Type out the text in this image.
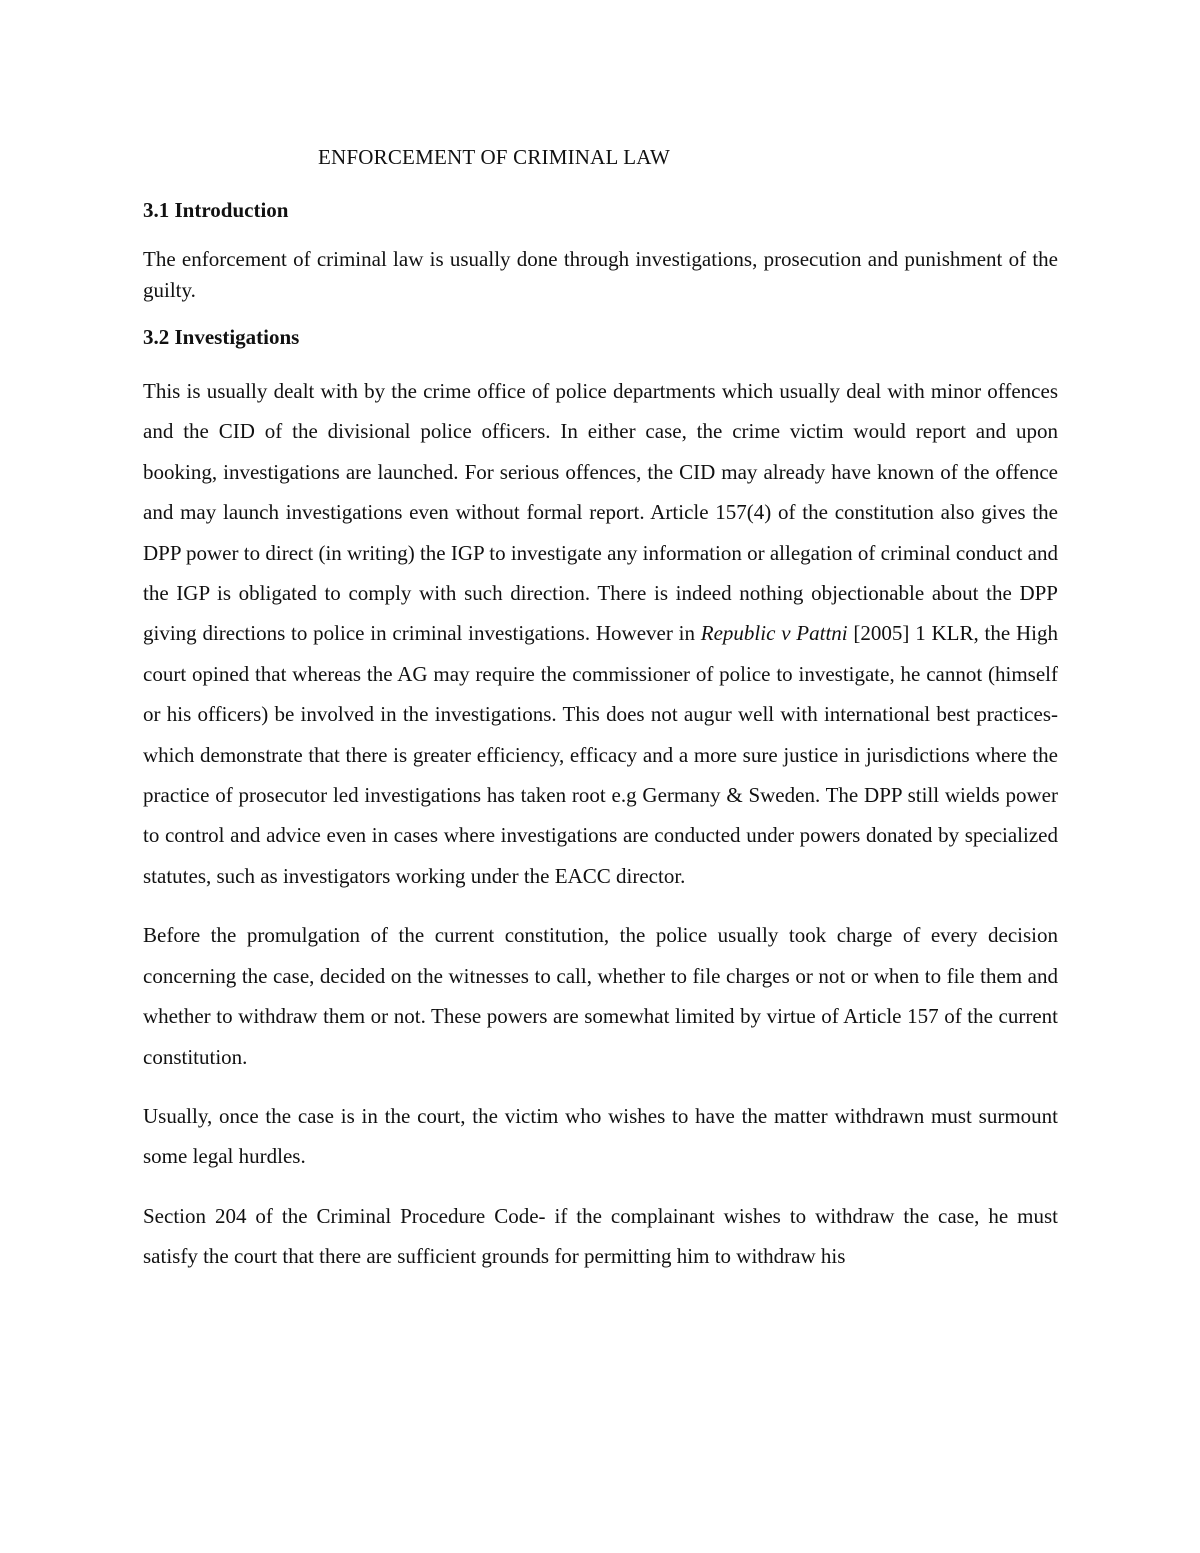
ENFORCEMENT OF CRIMINAL LAW
3.1 Introduction

The enforcement of criminal law is usually done through investigations, prosecution and punishment of the guilty.

3.2 Investigations

This is usually dealt with by the crime office of police departments which usually deal with minor offences and the CID of the divisional police officers. In either case, the crime victim would report and upon booking, investigations are launched. For serious offences, the CID may already have known of the offence and may launch investigations even without formal report. Article 157(4) of the constitution also gives the DPP power to direct (in writing) the IGP to investigate any information or allegation of criminal conduct and the IGP is obligated to comply with such direction. There is indeed nothing objectionable about the DPP giving directions to police in criminal investigations. However in Republic v Pattni [2005] 1 KLR, the High court opined that whereas the AG may require the commissioner of police to investigate, he cannot (himself or his officers) be involved in the investigations. This does not augur well with international best practices- which demonstrate that there is greater efficiency, efficacy and a more sure justice in jurisdictions where the practice of prosecutor led investigations has taken root e.g Germany & Sweden. The DPP still wields power to control and advice even in cases where investigations are conducted under powers donated by specialized statutes, such as investigators working under the EACC director.

Before the promulgation of the current constitution, the police usually took charge of every decision concerning the case, decided on the witnesses to call, whether to file charges or not or when to file them and whether to withdraw them or not. These powers are somewhat limited by virtue of Article 157 of the current constitution.

Usually, once the case is in the court, the victim who wishes to have the matter withdrawn must surmount some legal hurdles.

Section 204 of the Criminal Procedure Code- if the complainant wishes to withdraw the case, he must satisfy the court that there are sufficient grounds for permitting him to withdraw his
